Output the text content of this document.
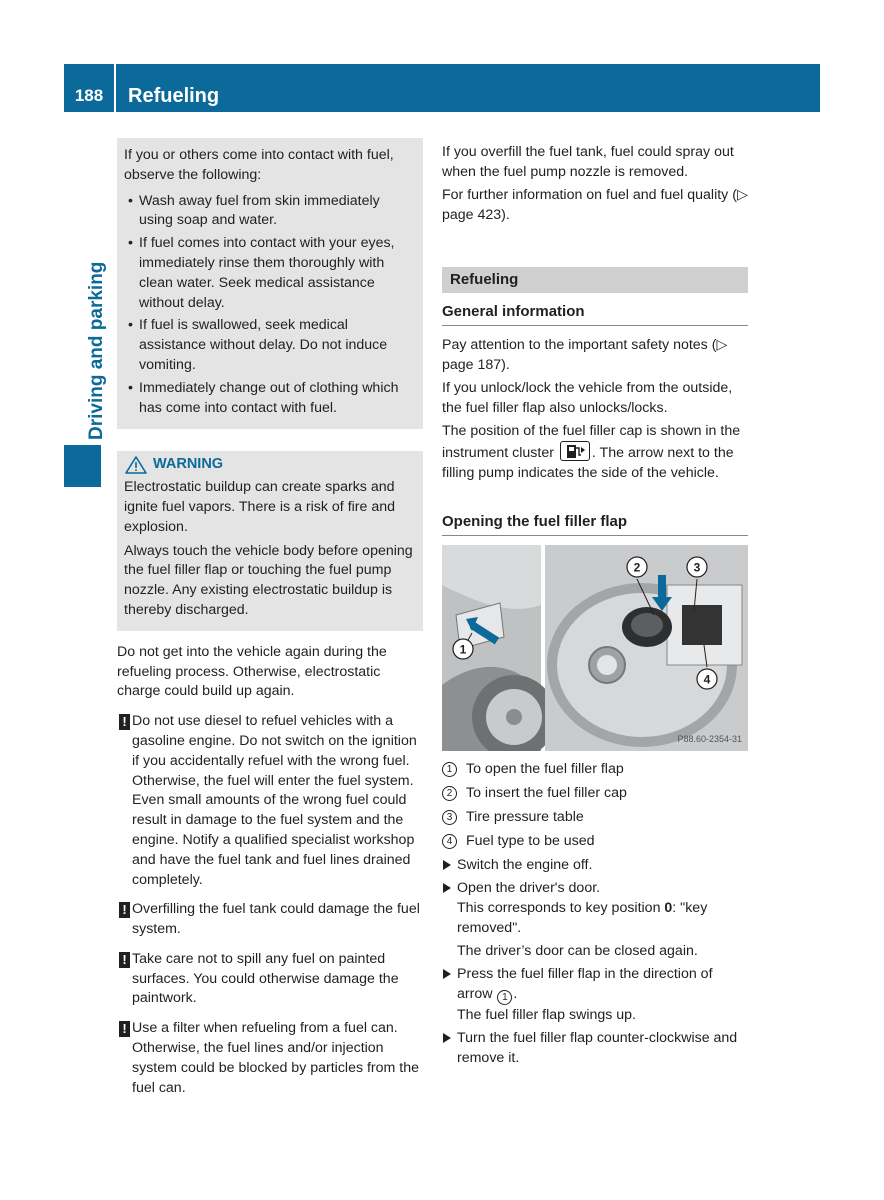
188	Refueling
Driving and parking

If you or others come into contact with fuel, observe the following:

• Wash away fuel from skin immediately using soap and water.
• If fuel comes into contact with your eyes, immediately rinse them thoroughly with clean water. Seek medical assistance without delay.
• If fuel is swallowed, seek medical assistance without delay. Do not induce vomiting.
• Immediately change out of clothing which has come into contact with fuel.
WARNING

Electrostatic buildup can create sparks and ignite fuel vapors. There is a risk of fire and explosion.

Always touch the vehicle body before opening the fuel filler flap or touching the fuel pump nozzle. Any existing electrostatic buildup is thereby discharged.

Do not get into the vehicle again during the refueling process. Otherwise, electrostatic charge could build up again.

! Do not use diesel to refuel vehicles with a gasoline engine. Do not switch on the ignition if you accidentally refuel with the wrong fuel. Otherwise, the fuel will enter the fuel system. Even small amounts of the wrong fuel could result in damage to the fuel system and the engine. Notify a qualified specialist workshop and have the fuel tank and fuel lines drained completely.
! Overfilling the fuel tank could damage the fuel system.
! Take care not to spill any fuel on painted surfaces. You could otherwise damage the paintwork.
! Use a filter when refueling from a fuel can. Otherwise, the fuel lines and/or injection system could be blocked by particles from the fuel can.

If you overfill the fuel tank, fuel could spray out when the fuel pump nozzle is removed.

For further information on fuel and fuel quality (▷ page 423).

Refueling
General information

Pay attention to the important safety notes (▷ page 187).

If you unlock/lock the vehicle from the outside, the fuel filler flap also unlocks/locks.

The position of the fuel filler cap is shown in the instrument cluster	. The arrow next to the filling pump indicates the side of the vehicle.

Opening the fuel filler flap
1
2	3
4
P88.60-2354-31
1 To open the fuel filler flap
2 To insert the fuel filler cap
3 Tire pressure table
4 Fuel type to be used
Switch the engine off.
Open the driver's door.
This corresponds to key position 0: "key removed".
The driver’s door can be closed again.
Press the fuel filler flap in the direction of arrow 1 .
The fuel filler flap swings up.
Turn the fuel filler flap counter-clockwise and remove it.
